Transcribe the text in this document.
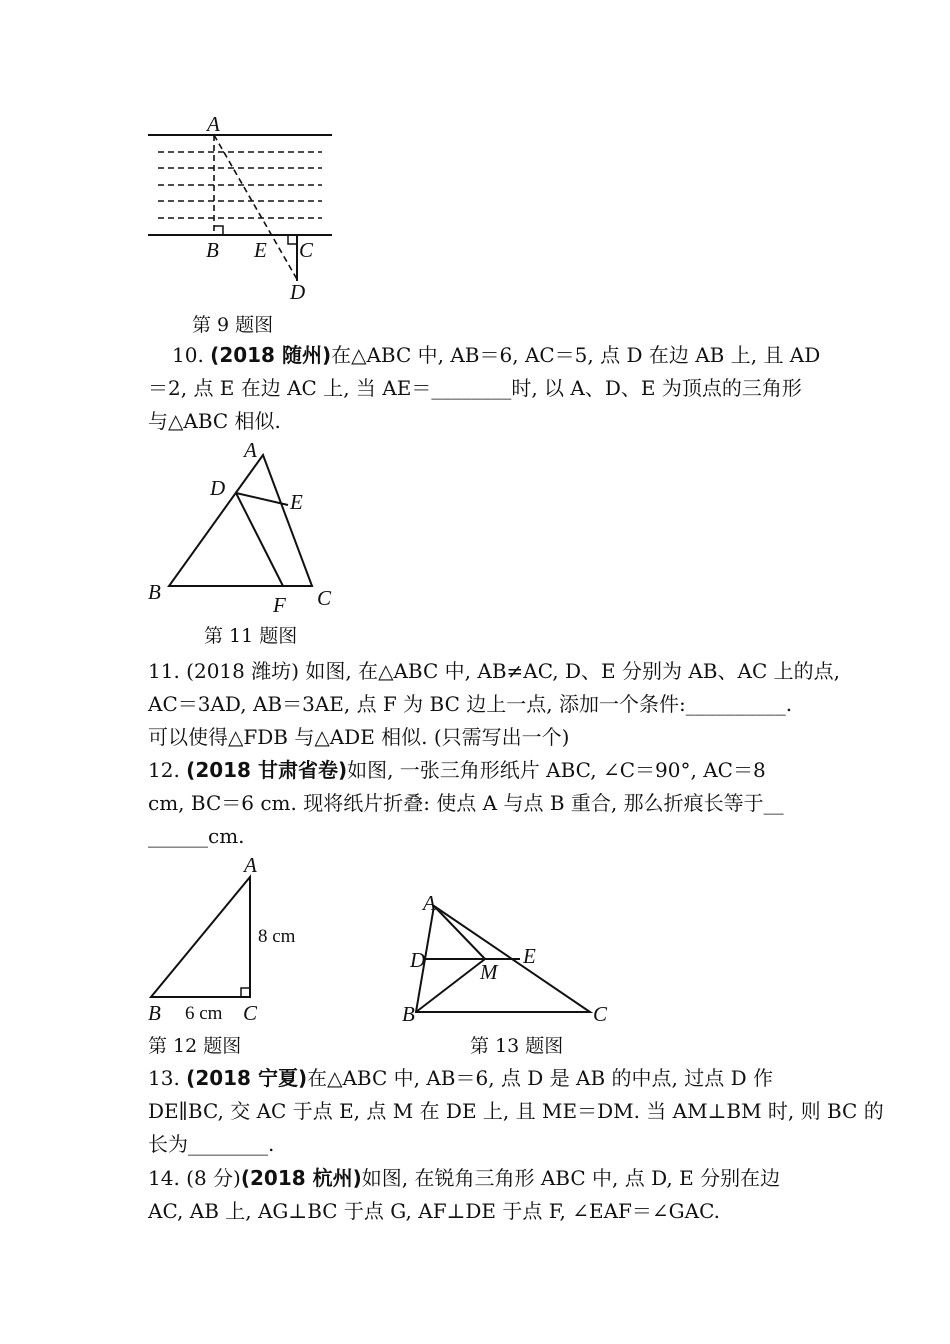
A
B E C
D
第 9 题图
10. (2018 随州)在△ABC 中, AB＝6, AC＝5, 点 D 在边 AB 上, 且 AD
＝2, 点 E 在边 AC 上, 当 AE＝________时, 以 A、D、E 为顶点的三角形
与△ABC 相似.
A
D
E
B
F C
第 11 题图
11. (2018 潍坊) 如图, 在△ABC 中, AB≠AC, D、E 分别为 AB、AC 上的点,
AC＝3AD, AB＝3AE, 点 F 为 BC 边上一点, 添加一个条件:__________.
可以使得△FDB 与△ADE 相似. (只需写出一个)
12. (2018 甘肃省卷)如图, 一张三角形纸片 ABC, ∠C＝90°, AC＝8
cm, BC＝6 cm. 现将纸片折叠: 使点 A 与点 B 重合, 那么折痕长等于__
______cm.
A
B	C
8 cm
6 cm
第 12 题图
A
D	M
E
B	C
第 13 题图
13. (2018 宁夏)在△ABC 中, AB＝6, 点 D 是 AB 的中点, 过点 D 作
DE∥BC, 交 AC 于点 E, 点 M 在 DE 上, 且 ME＝DM. 当 AM⊥BM 时, 则 BC 的
长为________.
14. (8 分)(2018 杭州)如图, 在锐角三角形 ABC 中, 点 D, E 分别在边
AC, AB 上, AG⊥BC 于点 G, AF⊥DE 于点 F, ∠EAF＝∠GAC.
